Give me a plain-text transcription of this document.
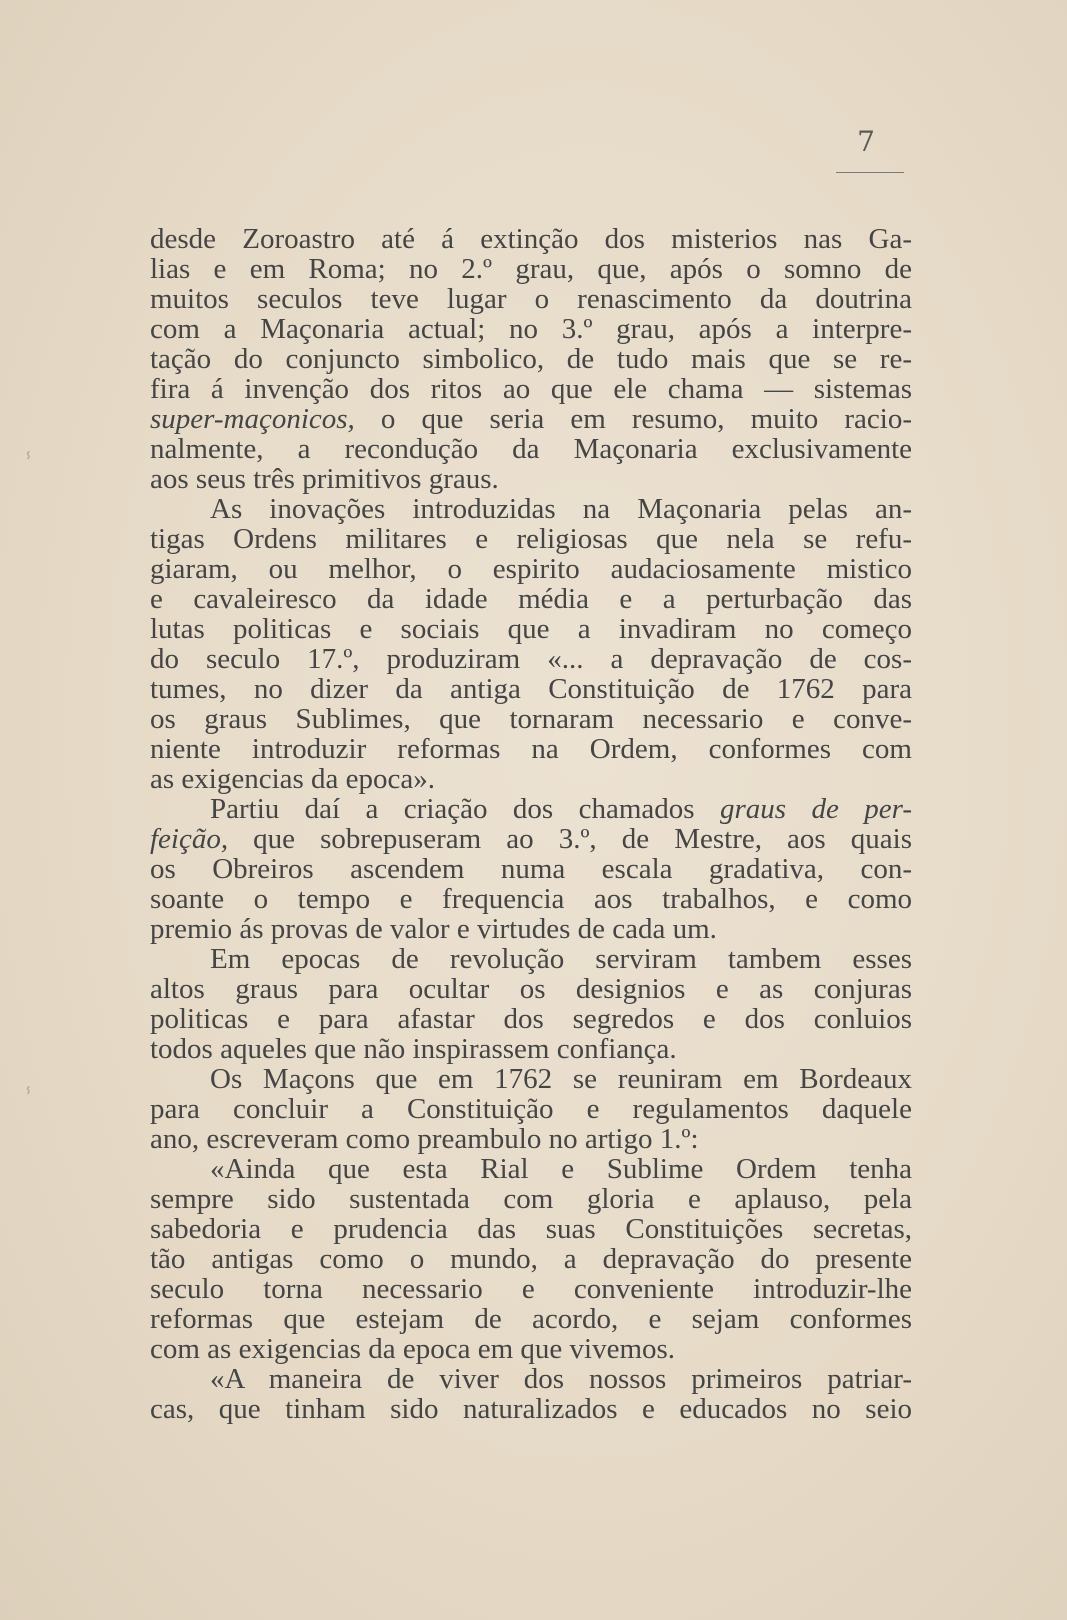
7
desde Zoroastro até á extinção dos misterios nas Ga-
lias e em Roma; no 2.º grau, que, após o somno de
muitos seculos teve lugar o renascimento da doutrina
com a Maçonaria actual; no 3.º grau, após a interpre-
tação do conjuncto simbolico, de tudo mais que se re-
fira á invenção dos ritos ao que ele chama — sistemas
super-maçonicos, o que seria em resumo, muito racio-
nalmente, a recondução da Maçonaria exclusivamente
aos seus três primitivos graus.
As inovações introduzidas na Maçonaria pelas an-
tigas Ordens militares e religiosas que nela se refu-
giaram, ou melhor, o espirito audaciosamente mistico
e cavaleiresco da idade média e a perturbação das
lutas politicas e sociais que a invadiram no começo
do seculo 17.º, produziram «... a depravação de cos-
tumes, no dizer da antiga Constituição de 1762 para
os graus Sublimes, que tornaram necessario e conve-
niente introduzir reformas na Ordem, conformes com
as exigencias da epoca».
Partiu daí a criação dos chamados graus de per-
feição, que sobrepuseram ao 3.º, de Mestre, aos quais
os Obreiros ascendem numa escala gradativa, con-
soante o tempo e frequencia aos trabalhos, e como
premio ás provas de valor e virtudes de cada um.
Em epocas de revolução serviram tambem esses
altos graus para ocultar os designios e as conjuras
politicas e para afastar dos segredos e dos conluios
todos aqueles que não inspirassem confiança.
Os Maçons que em 1762 se reuniram em Bordeaux
para concluir a Constituição e regulamentos daquele
ano, escreveram como preambulo no artigo 1.º:
«Ainda que esta Rial e Sublime Ordem tenha
sempre sido sustentada com gloria e aplauso, pela
sabedoria e prudencia das suas Constituições secretas,
tão antigas como o mundo, a depravação do presente
seculo torna necessario e conveniente introduzir-lhe
reformas que estejam de acordo, e sejam conformes
com as exigencias da epoca em que vivemos.
«A maneira de viver dos nossos primeiros patriar-
cas, que tinham sido naturalizados e educados no seio
ⸯ
ⸯ
